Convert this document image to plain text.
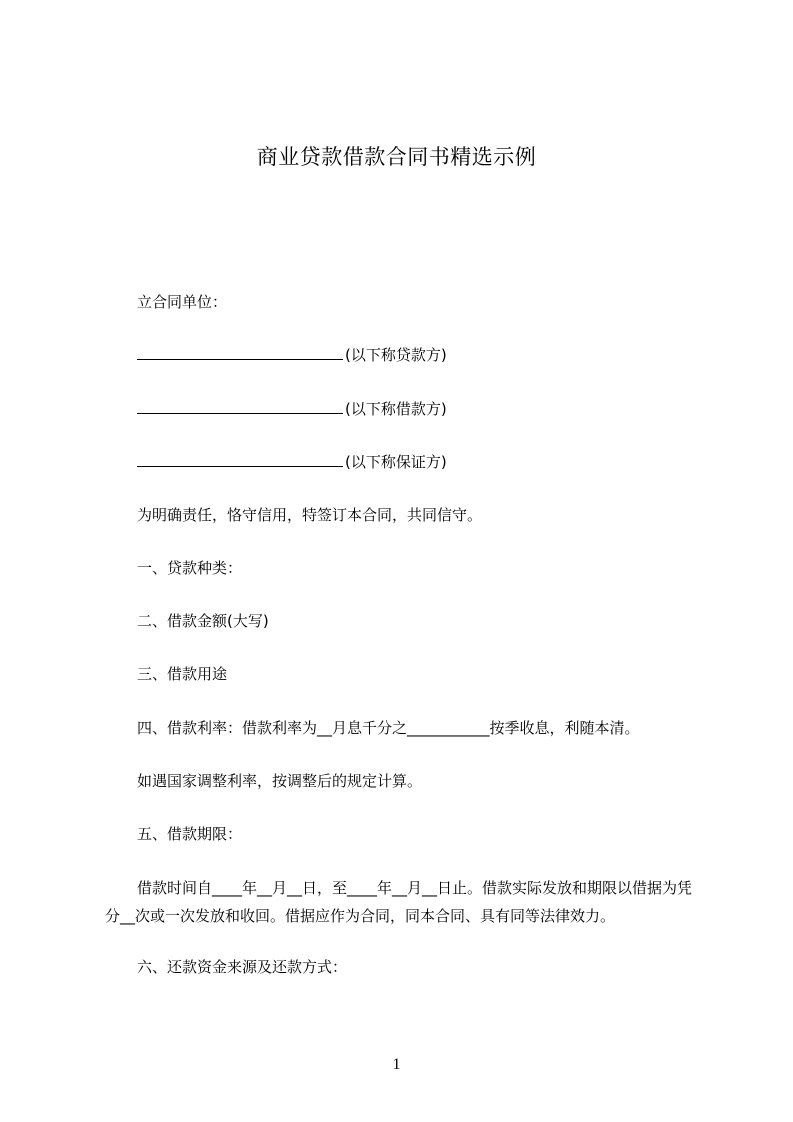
商业贷款借款合同书精选示例
立合同单位：
(以下称贷款方)
(以下称借款方)
(以下称保证方)
为明确责任，恪守信用，特签订本合同，共同信守。
一、贷款种类：
二、借款金额(大写)
三、借款用途
四、借款利率：借款利率为__月息千分之___________按季收息，利随本清。
如遇国家调整利率，按调整后的规定计算。
五、借款期限：
借款时间自____年__月__日，至____年__月__日止。借款实际发放和期限以借据为凭分__次或一次发放和收回。借据应作为合同，同本合同、具有同等法律效力。
六、还款资金来源及还款方式：
1
